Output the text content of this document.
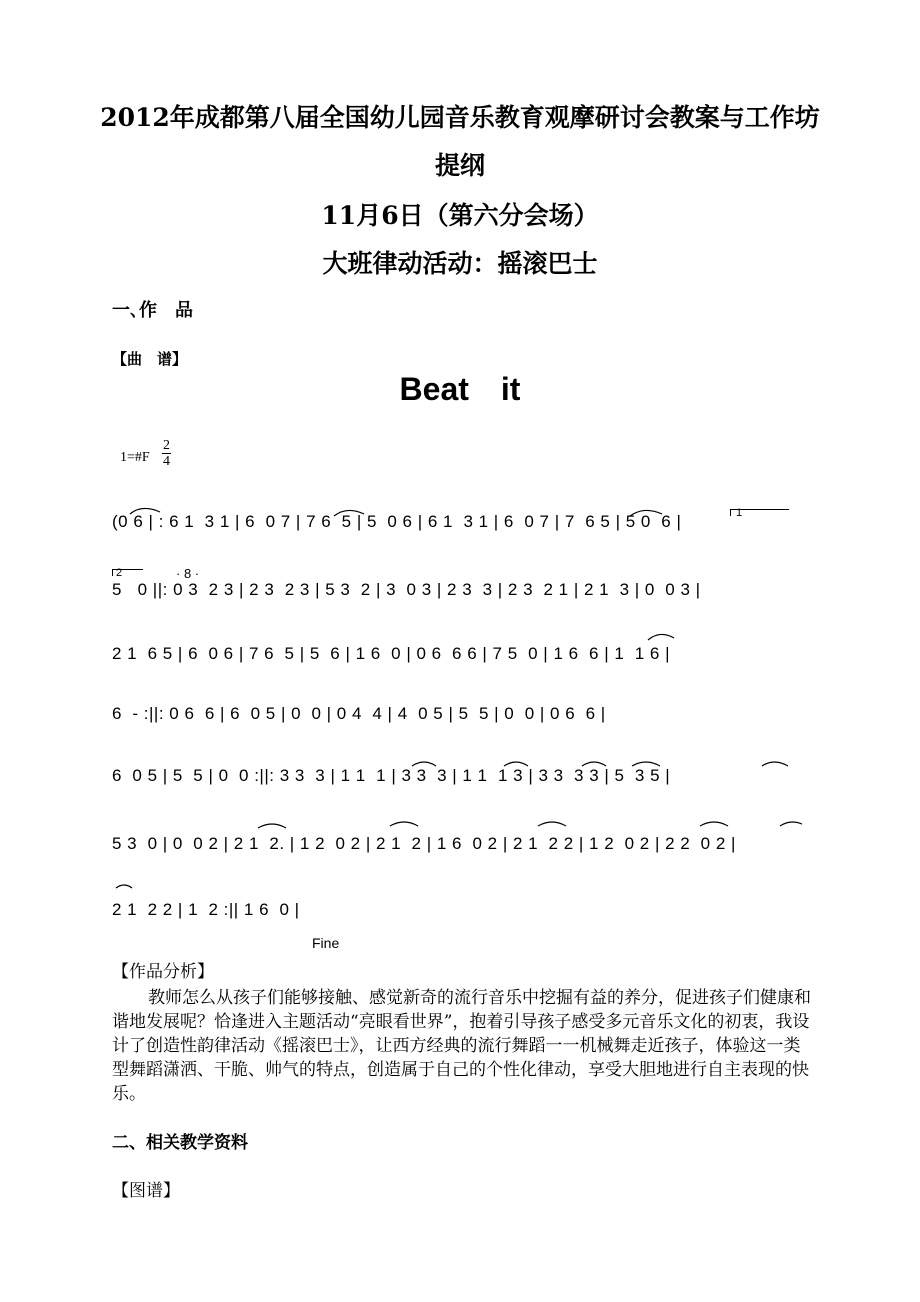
2012年成都第八届全国幼儿园音乐教育观摩研讨会教案与工作坊
提纲
11月6日（第六分会场）
大班律动活动：摇滚巴士
一､作　品
【曲　谱】
Beat　it
1=#F
2
4
1
2	· 8 ·
(0 6 | : 6 1  3 1 | 6  0 7 | 7 6  5 | 5  0 6 | 6 1  3 1 | 6  0 7 | 7  6 5 | 5 0  6 |
5   0 ||: 0 3  2 3 | 2 3  2 3 | 5 3  2 | 3  0 3 | 2 3  3 | 2 3  2 1 | 2 1  3 | 0  0 3 |
2 1  6 5 | 6  0 6 | 7 6  5 | 5  6 | 1 6  0 | 0 6  6 6 | 7 5  0 | 1 6  6 | 1  1 6 |
6  - :||: 0 6  6 | 6  0 5 | 0  0 | 0 4  4 | 4  0 5 | 5  5 | 0  0 | 0 6  6 |
6  0 5 | 5  5 | 0  0 :||: 3 3  3 | 1 1  1 | 3 3  3 | 1 1  1 3 | 3 3  3 3 | 5  3 5 |
5 3  0 | 0  0 2 | 2 1  2. | 1 2  0 2 | 2 1  2 | 1 6  0 2 | 2 1  2 2 | 1 2  0 2 | 2 2  0 2 |
2 1  2 2 | 1  2 :|| 1 6  0 |
Fine
【作品分析】
教师怎么从孩子们能够接触、感觉新奇的流行音乐中挖掘有益的养分，促进孩子们健康和谐地发展呢？恰逢进入主题活动“亮眼看世界”，抱着引导孩子感受多元音乐文化的初衷，我设计了创造性韵律活动《摇滚巴士》，让西方经典的流行舞蹈一一机械舞走近孩子，体验这一类型舞蹈潇洒、干脆、帅气的特点，创造属于自己的个性化律动，享受大胆地进行自主表现的快乐。
二、相关教学资料
【图谱】
